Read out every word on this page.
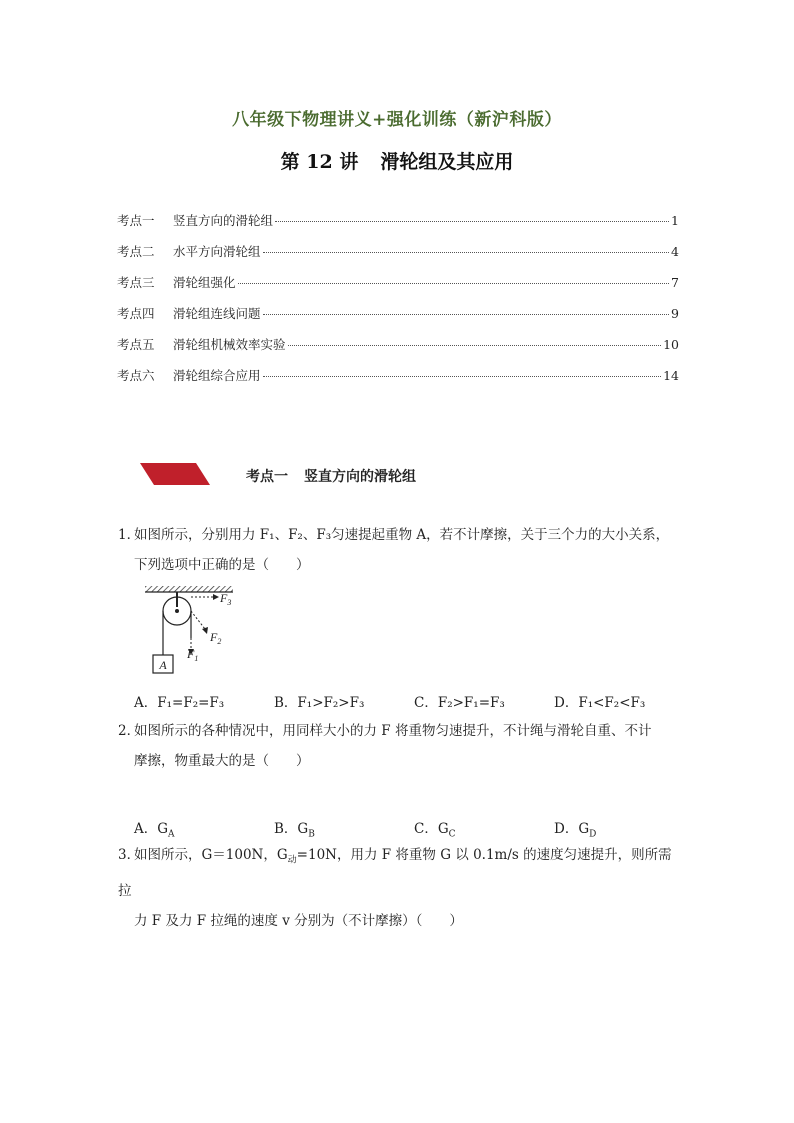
八年级下物理讲义+强化训练（新沪科版）
第 12 讲 滑轮组及其应用
考点一	竖直方向的滑轮组	1
考点二	水平方向滑轮组	4
考点三	滑轮组强化	7
考点四	滑轮组连线问题	9
考点五	滑轮组机械效率实验	10
考点六	滑轮组综合应用	14
考点一 竖直方向的滑轮组
1．如图所示，分别用力 F₁、F₂、F₃匀速提起重物 A，若不计摩擦，关于三个力的大小关系，
下列选项中正确的是（　　）
$F_3$
$F_2$
$F_1$
A
A．F₁=F₂=F₃	B．F₁>F₂>F₃	C．F₂>F₁=F₃	D．F₁<F₂<F₃
2．如图所示的各种情况中，用同样大小的力 F 将重物匀速提升，不计绳与滑轮自重、不计
摩擦，物重最大的是（　　）
A．$G_A$	B．$G_B$	C．$G_C$	D．$G_D$
3．如图所示，G＝100N，$G_动=10N$，用力 F 将重物 G 以 0.1m/s 的速度匀速提升，则所需拉
力 F 及力 F 拉绳的速度 v 分别为（不计摩擦）（　　）
